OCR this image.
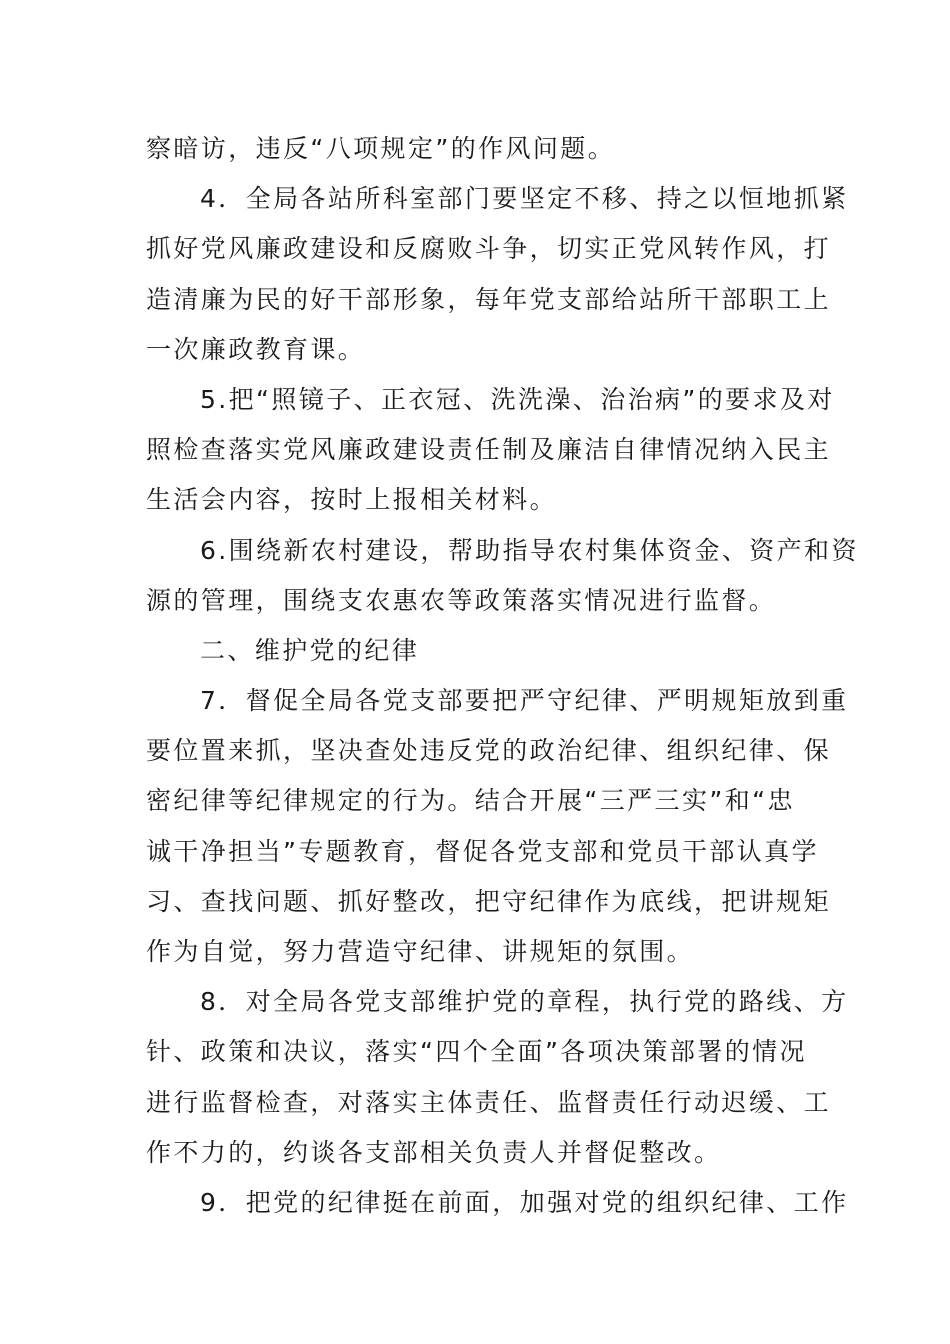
察暗访，违反“八项规定”的作风问题。
4．全局各站所科室部门要坚定不移、持之以恒地抓紧
抓好党风廉政建设和反腐败斗争，切实正党风转作风，打
造清廉为民的好干部形象，每年党支部给站所干部职工上
一次廉政教育课。
5.把“照镜子、正衣冠、洗洗澡、治治病”的要求及对
照检查落实党风廉政建设责任制及廉洁自律情况纳入民主
生活会内容，按时上报相关材料。
6.围绕新农村建设，帮助指导农村集体资金、资产和资
源的管理，围绕支农惠农等政策落实情况进行监督。
二、维护党的纪律
7．督促全局各党支部要把严守纪律、严明规矩放到重
要位置来抓，坚决查处违反党的政治纪律、组织纪律、保
密纪律等纪律规定的行为。结合开展“三严三实”和“忠
诚干净担当”专题教育，督促各党支部和党员干部认真学
习、查找问题、抓好整改，把守纪律作为底线，把讲规矩
作为自觉，努力营造守纪律、讲规矩的氛围。
8．对全局各党支部维护党的章程，执行党的路线、方
针、政策和决议，落实“四个全面”各项决策部署的情况
进行监督检查，对落实主体责任、监督责任行动迟缓、工
作不力的，约谈各支部相关负责人并督促整改。
9．把党的纪律挺在前面，加强对党的组织纪律、工作
